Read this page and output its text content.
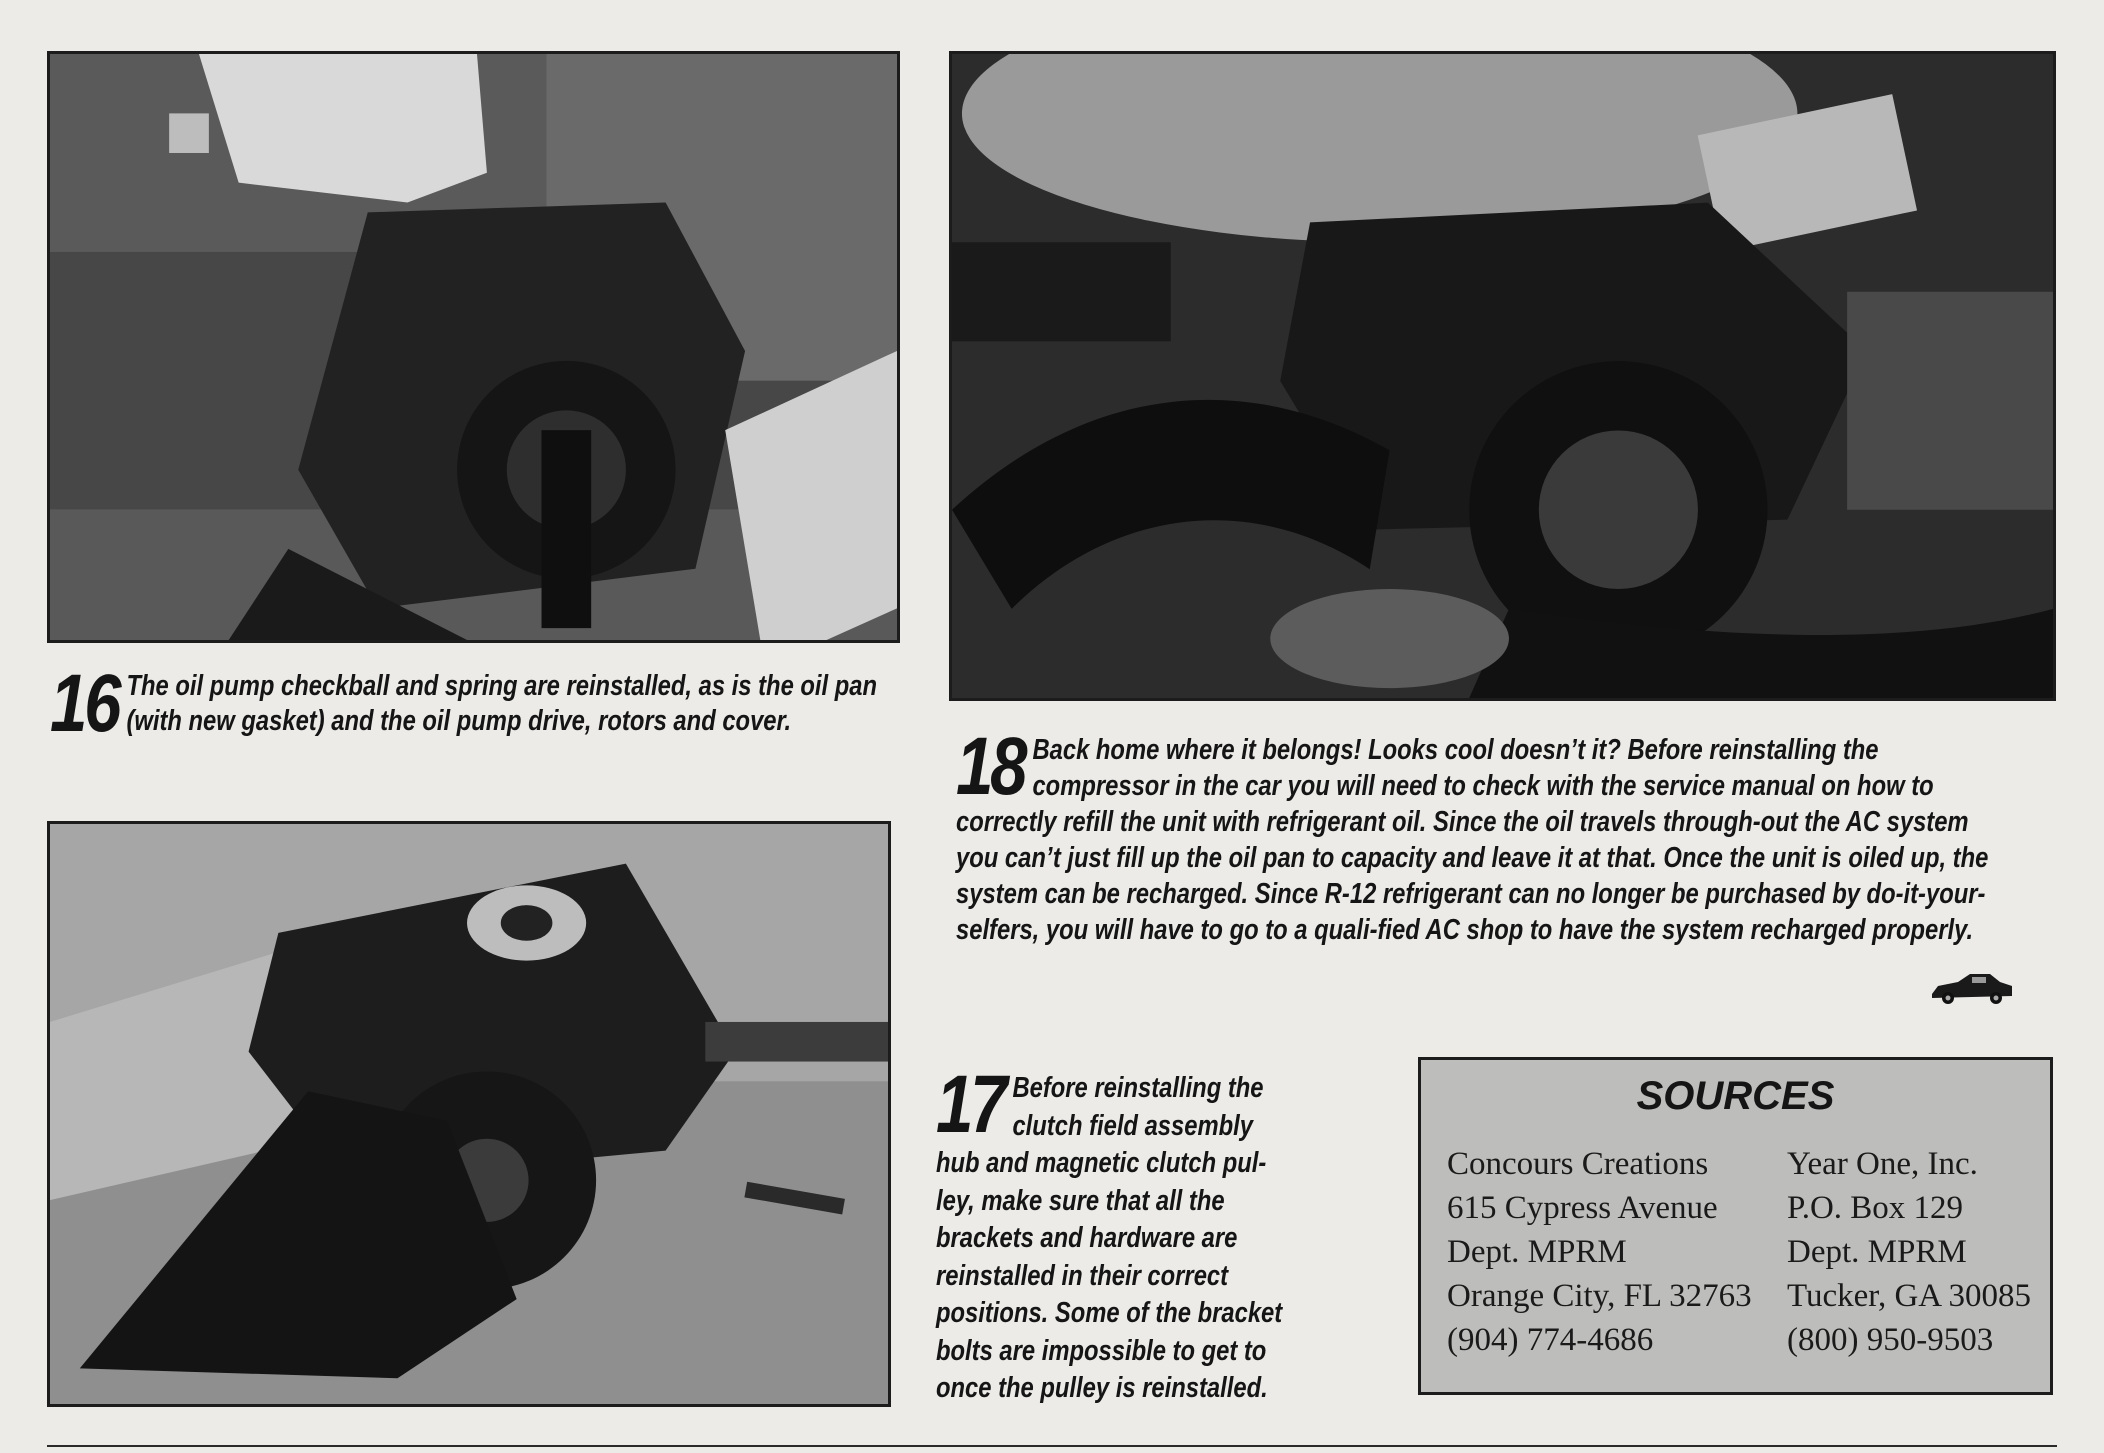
16 The oil pump checkball and spring are reinstalled, as is the oil pan (with new gasket) and the oil pump drive, rotors and cover.	18 Back home where it belongs! Looks cool doesn’t it? Before reinstalling the compressor in the car you will need to check with the service manual on how to correctly refill the unit with refrigerant oil. Since the oil travels through-out the AC system you can’t just fill up the oil pan to capacity and leave it at that. Once the unit is oiled up, the system can be recharged. Since R-12 refrigerant can no longer be purchased by do-it-your-selfers, you will have to go to a quali-fied AC shop to have the system recharged properly.
17 Before reinstalling the clutch field assembly hub and magnetic clutch pul-ley, make sure that all the brackets and hardware are reinstalled in their correct positions. Some of the bracket bolts are impossible to get to once the pulley is reinstalled.
SOURCES
Concours Creations
615 Cypress Avenue
Dept. MPRM
Orange City, FL 32763
(904) 774-4686
Year One, Inc.
P.O. Box 129
Dept. MPRM
Tucker, GA 30085
(800) 950-9503
